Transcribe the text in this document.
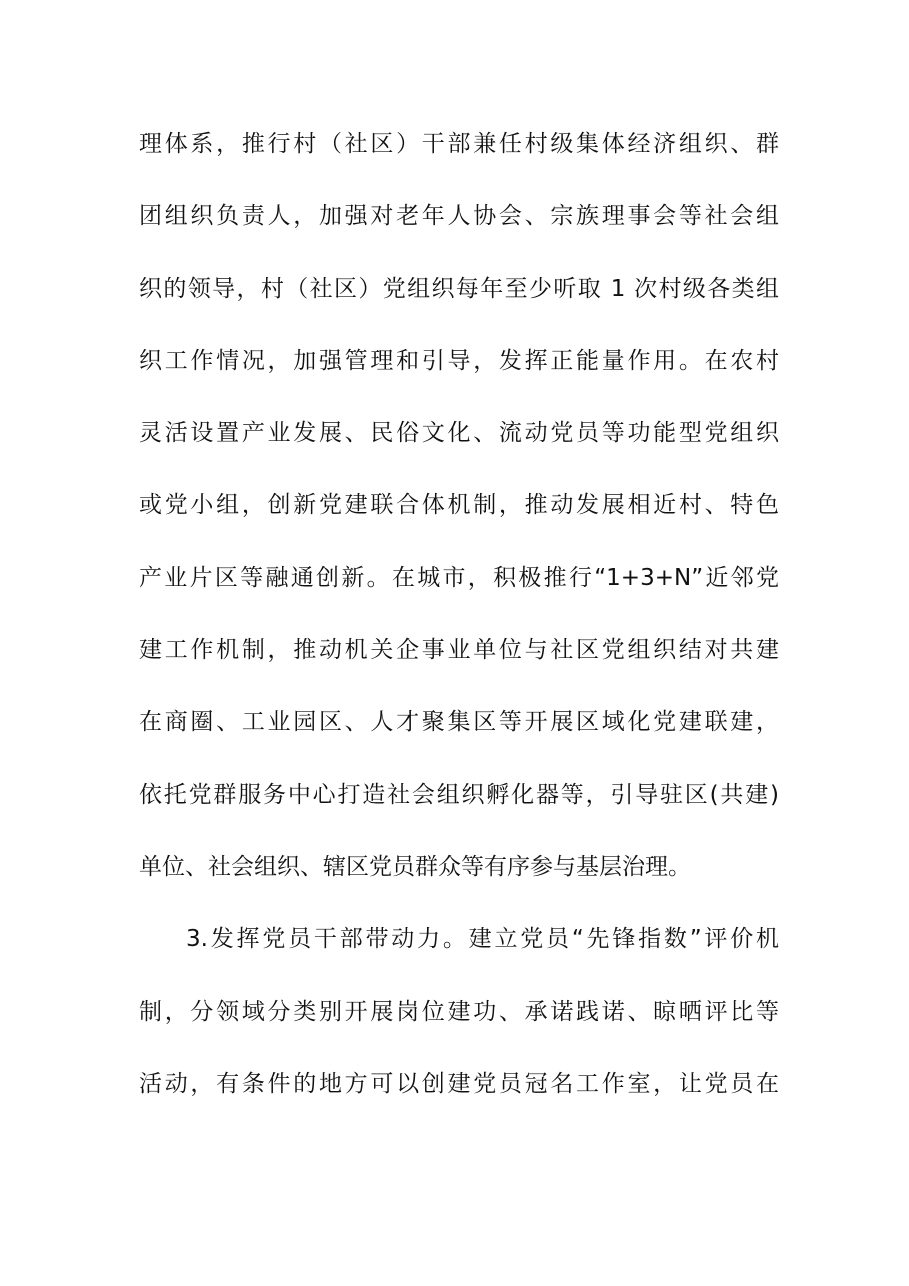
理体系，推行村（社区）干部兼任村级集体经济组织、群
团组织负责人，加强对老年人协会、宗族理事会等社会组
织的领导，村（社区）党组织每年至少听取 1 次村级各类组
织工作情况，加强管理和引导，发挥正能量作用。在农村
灵活设置产业发展、民俗文化、流动党员等功能型党组织
或党小组，创新党建联合体机制，推动发展相近村、特色
产业片区等融通创新。在城市，积极推行“1+3+N”近邻党
建工作机制，推动机关企事业单位与社区党组织结对共建
在商圈、工业园区、人才聚集区等开展区域化党建联建，
依托党群服务中心打造社会组织孵化器等，引导驻区(共建)
单位、社会组织、辖区党员群众等有序参与基层治理。
3.发挥党员干部带动力。建立党员“先锋指数”评价机
制，分领域分类别开展岗位建功、承诺践诺、晾晒评比等
活动，有条件的地方可以创建党员冠名工作室，让党员在
